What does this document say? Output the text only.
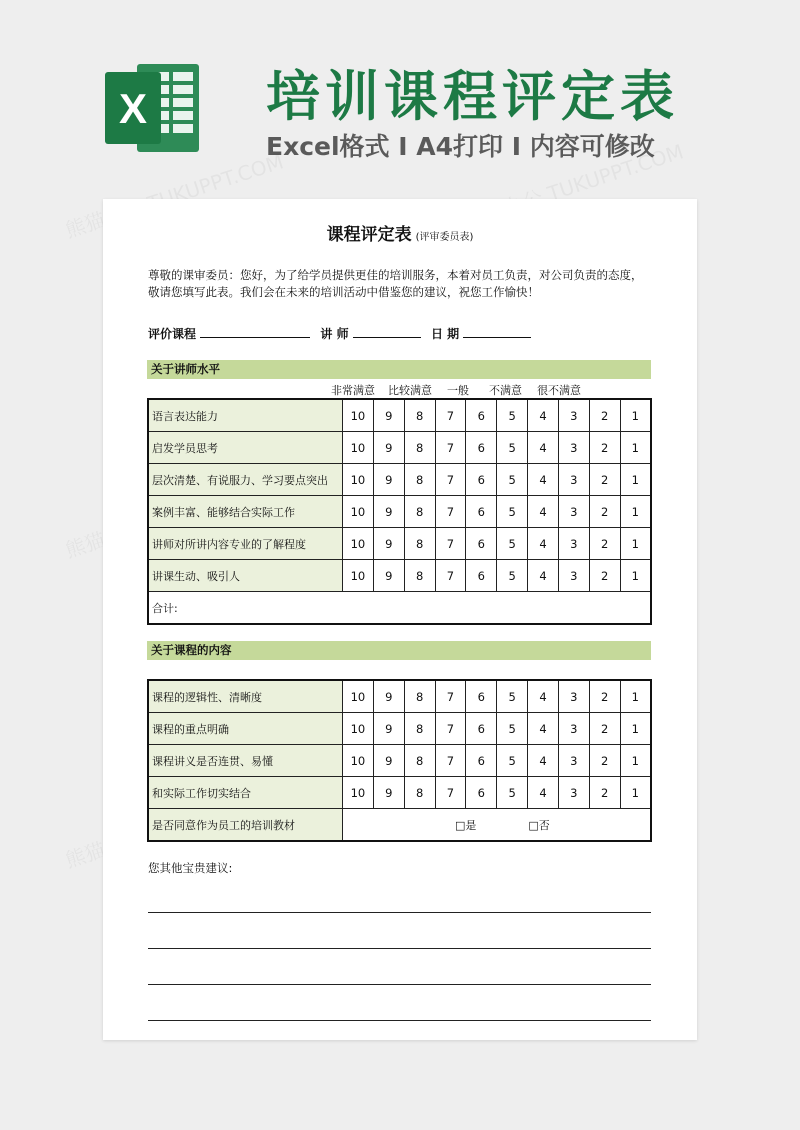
X 培训课程评定表
Excel格式 Ⅰ A4打印 Ⅰ 内容可修改
课程评定表 (评审委员表)
尊敬的课审委员：您好，为了给学员提供更佳的培训服务，本着对员工负责，对公司负责的态度，敬请您填写此表。我们会在未来的培训活动中借鉴您的建议，祝您工作愉快！
评价课程	讲 师	日 期
关于讲师水平
非常满意 比较满意 一般 不满意 很不满意
语言表达能力	10	9	8	7	6	5	4	3	2	1
启发学员思考	10	9	8	7	6	5	4	3	2	1
层次清楚、有说服力、学习要点突出	10	9	8	7	6	5	4	3	2	1
案例丰富、能够结合实际工作	10	9	8	7	6	5	4	3	2	1
讲师对所讲内容专业的了解程度	10	9	8	7	6	5	4	3	2	1
讲课生动、吸引人	10	9	8	7	6	5	4	3	2	1
合计:										
关于课程的内容
课程的逻辑性、清晰度	10	9	8	7	6	5	4	3	2	1
课程的重点明确	10	9	8	7	6	5	4	3	2	1
课程讲义是否连贯、易懂	10	9	8	7	6	5	4	3	2	1
和实际工作切实结合	10	9	8	7	6	5	4	3	2	1
是否同意作为员工的培训教材	□是 □否									
您其他宝贵建议:
